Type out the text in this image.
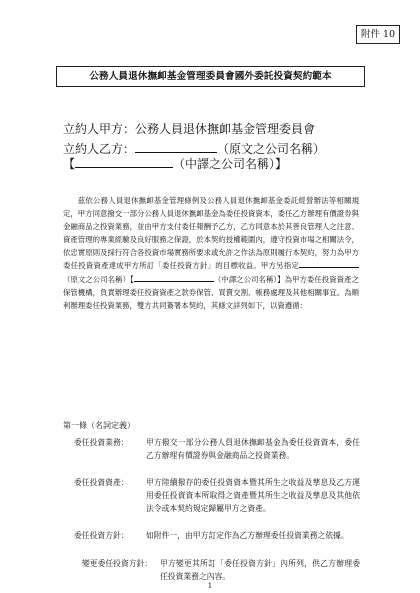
附件 10
公務人員退休撫卹基金管理委員會國外委託投資契約範本
立約人甲方：公務人員退休撫卹基金管理委員會
立約人乙方：	（原文之公司名稱）
【	（中譯之公司名稱）】

茲依公務人員退休撫卹基金管理條例及公務人員退休撫卹基金委託經營辦法等相關規定，甲方同意撥交一部分公務人員退休撫卹基金為委任投資資本，委任乙方辦理有價證券與金融商品之投資業務，並由甲方支付委任報酬予乙方，乙方同意本於其善良管理人之注意、資產管理的專業經驗及良好服務之保證，於本契約授權範圍內，遵守投資市場之相關法令，依忠實原則及採行符合各投資市場實務所要求或允許之作法為原則履行本契約，努力為甲方委任投資資產達成甲方所訂「委任投資方針」的目標收益。甲方另指定（原文之公司名稱）【	（中譯之公司名稱）】為甲方委任投資資產之保管機構，負責辦理委任投資資產之款券保管、買賣交割、帳務處理及其他相關事宜。為順利辦理委任投資業務，雙方共同簽署本契約，其條文詳列如下，以資遵循：

第一條（名詞定義）
委任投資業務： 甲方撥交一部分公務人員退休撫卹基金為委任投資資本，委任乙方辦理有價證券與金融商品之投資業務。
委任投資資產： 甲方陸續撥存的委任投資資本暨其所生之收益及孳息及乙方運用委任投資資本所取得之資產暨其所生之收益及孳息及其他依法令或本契約規定歸屬甲方之資產。
委任投資方針： 如附件一，由甲方訂定作為乙方辦理委任投資業務之依據。
變更委任投資方針： 甲方變更其所訂「委任投資方針」內所列，供乙方辦理委任投資業務之內容。
1
